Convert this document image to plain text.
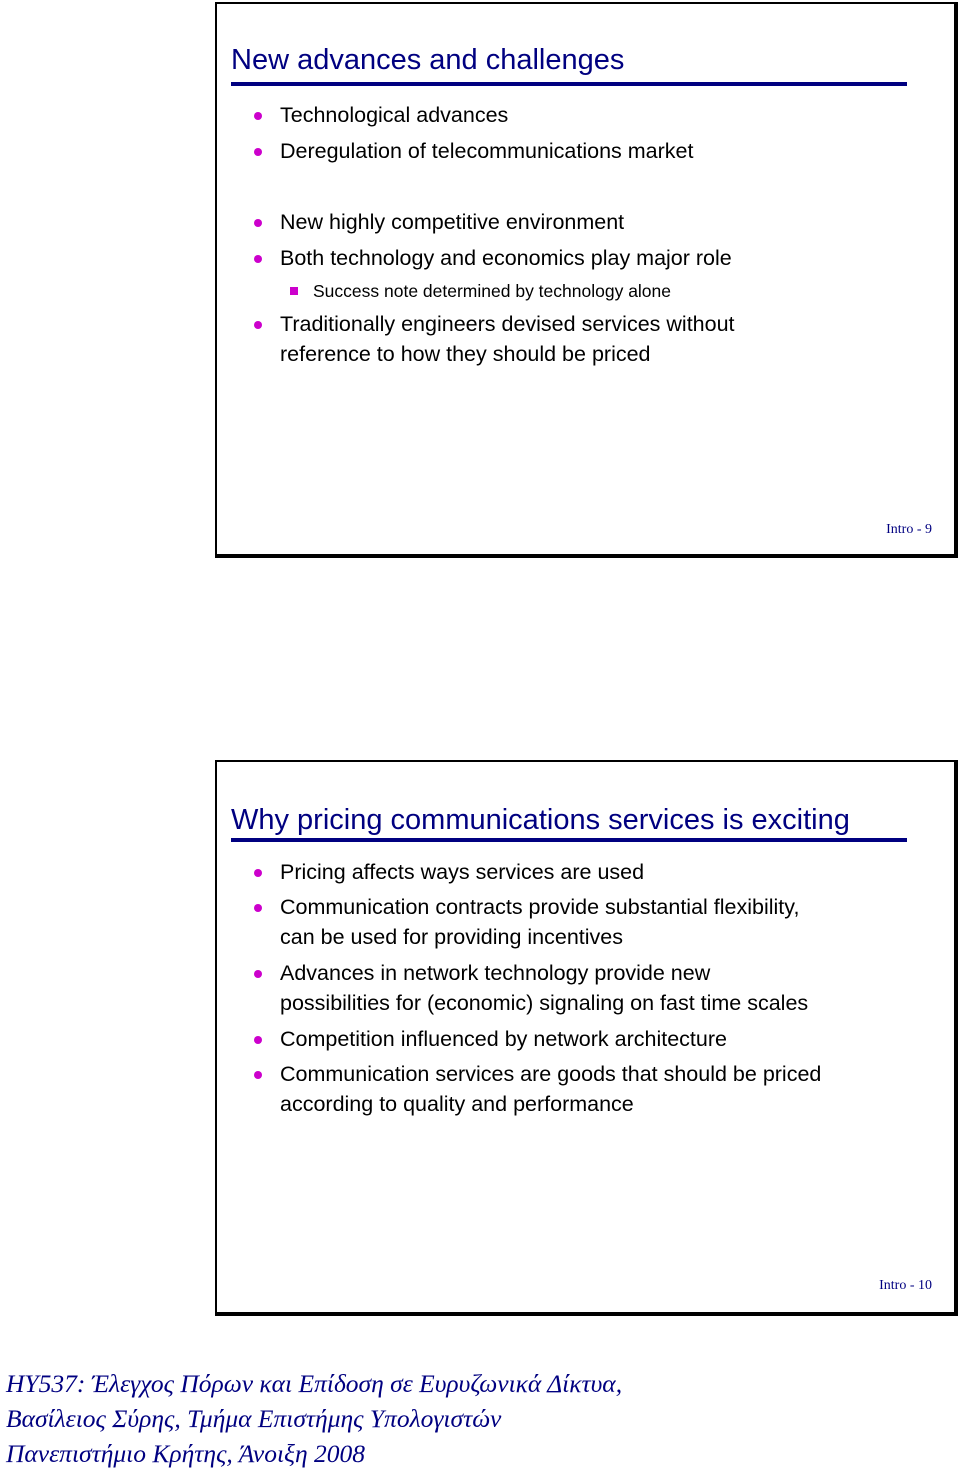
New advances and challenges
Technological advances
Deregulation of telecommunications market
New highly competitive environment
Both technology and economics play major role
Success note determined by technology alone
Traditionally engineers devised services without
reference to how they should be priced
Intro - 9
Why pricing communications services is exciting
Pricing affects ways services are used
Communication contracts provide substantial flexibility,
can be used for providing incentives
Advances in network technology provide new
possibilities for (economic) signaling on fast time scales
Competition influenced by network architecture
Communication services are goods that should be priced
according to quality and performance
Intro - 10
HY537: Έλεγχος Πόρων και Επίδοση σε Ευρυζωνικά Δίκτυα,
Βασίλειος Σύρης, Τμήμα Επιστήμης Υπολογιστών
Πανεπιστήμιο Κρήτης, Άνοιξη 2008
